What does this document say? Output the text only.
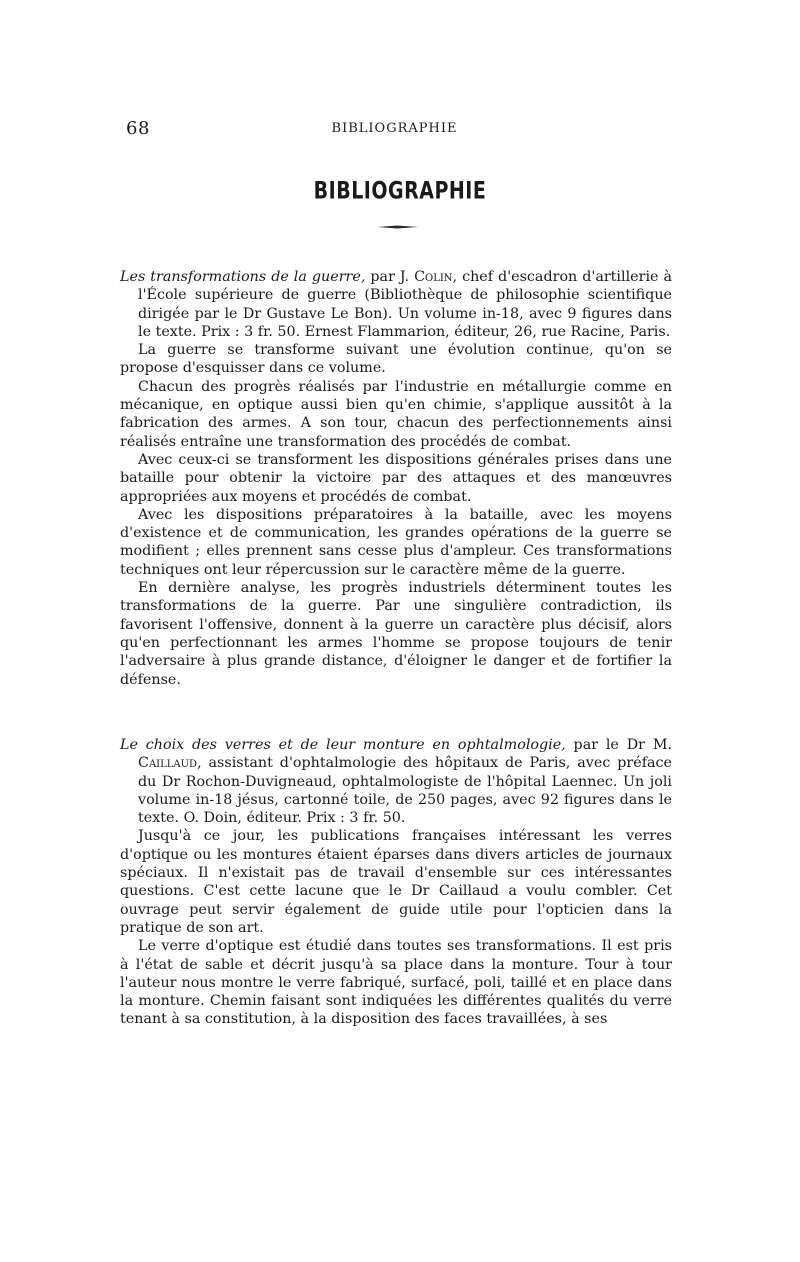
68	BIBLIOGRAPHIE
BIBLIOGRAPHIE

Les transformations de la guerre, par J. Colin, chef d'escadron d'artillerie à l'École supérieure de guerre (Bibliothèque de philosophie scientifique dirigée par le Dr Gustave Le Bon). Un volume in-18, avec 9 figures dans le texte. Prix : 3 fr. 50. Ernest Flammarion, éditeur, 26, rue Racine, Paris.

La guerre se transforme suivant une évolution continue, qu'on se propose d'esquisser dans ce volume.

Chacun des progrès réalisés par l'industrie en métallurgie comme en mécanique, en optique aussi bien qu'en chimie, s'applique aussitôt à la fabrication des armes. A son tour, chacun des perfectionnements ainsi réalisés entraîne une transformation des procédés de combat.

Avec ceux-ci se transforment les dispositions générales prises dans une bataille pour obtenir la victoire par des attaques et des manœuvres appropriées aux moyens et procédés de combat.

Avec les dispositions préparatoires à la bataille, avec les moyens d'existence et de communication, les grandes opérations de la guerre se modifient ; elles prennent sans cesse plus d'ampleur. Ces transformations techniques ont leur répercussion sur le caractère même de la guerre.

En dernière analyse, les progrès industriels déterminent toutes les transformations de la guerre. Par une singulière contradiction, ils favorisent l'offensive, donnent à la guerre un caractère plus décisif, alors qu'en perfectionnant les armes l'homme se propose toujours de tenir l'adversaire à plus grande distance, d'éloigner le danger et de fortifier la défense.

Le choix des verres et de leur monture en ophtalmologie, par le Dr M. Caillaud, assistant d'ophtalmologie des hôpitaux de Paris, avec préface du Dr Rochon-Duvigneaud, ophtalmologiste de l'hôpital Laennec. Un joli volume in-18 jésus, cartonné toile, de 250 pages, avec 92 figures dans le texte. O. Doin, éditeur. Prix : 3 fr. 50.

Jusqu'à ce jour, les publications françaises intéressant les verres d'optique ou les montures étaient éparses dans divers articles de journaux spéciaux. Il n'existait pas de travail d'ensemble sur ces intéressantes questions. C'est cette lacune que le Dr Caillaud a voulu combler. Cet ouvrage peut servir également de guide utile pour l'opticien dans la pratique de son art.

Le verre d'optique est étudié dans toutes ses transformations. Il est pris à l'état de sable et décrit jusqu'à sa place dans la monture. Tour à tour l'auteur nous montre le verre fabriqué, surfacé, poli, taillé et en place dans la monture. Chemin faisant sont indiquées les différentes qualités du verre tenant à sa constitution, à la disposition des faces travaillées, à ses
